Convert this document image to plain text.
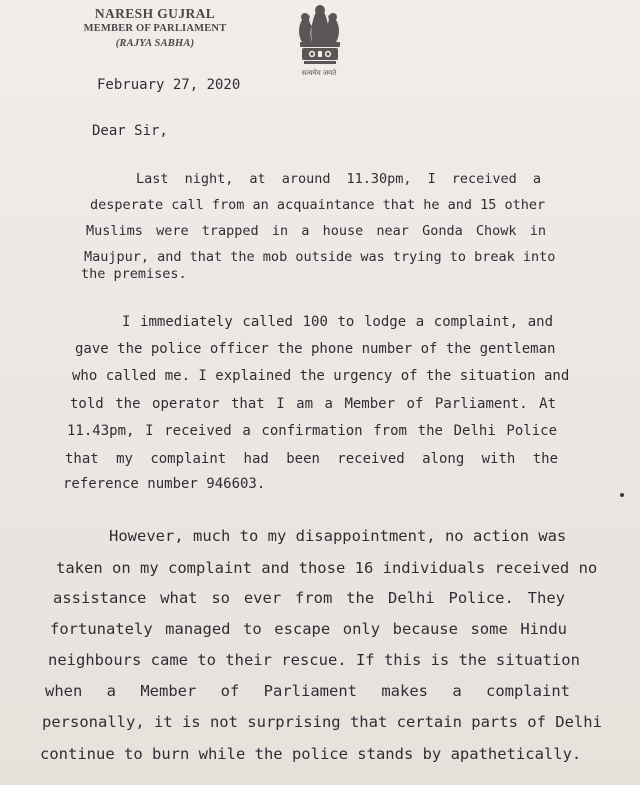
NARESH GUJRAL
MEMBER OF PARLIAMENT
(RAJYA SABHA)
सत्यमेव जयते
February 27, 2020
Dear Sir,
Last night, at around 11.30pm, I received a
desperate call from an acquaintance that he and 15 other
Muslims were trapped in a house near Gonda Chowk in
Maujpur, and that the mob outside was trying to break into
the premises.
I immediately called 100 to lodge a complaint, and
gave the police officer the phone number of the gentleman
who called me. I explained the urgency of the situation and
told the operator that I am a Member of Parliament. At
11.43pm, I received a confirmation from the Delhi Police
that my complaint had been received along with the
reference number 946603.
However, much to my disappointment, no action was
taken on my complaint and those 16 individuals received no
assistance what so ever from the Delhi Police. They
fortunately managed to escape only because some Hindu
neighbours came to their rescue. If this is the situation
when a Member of Parliament makes a complaint
personally, it is not surprising that certain parts of Delhi
continue to burn while the police stands by apathetically.
